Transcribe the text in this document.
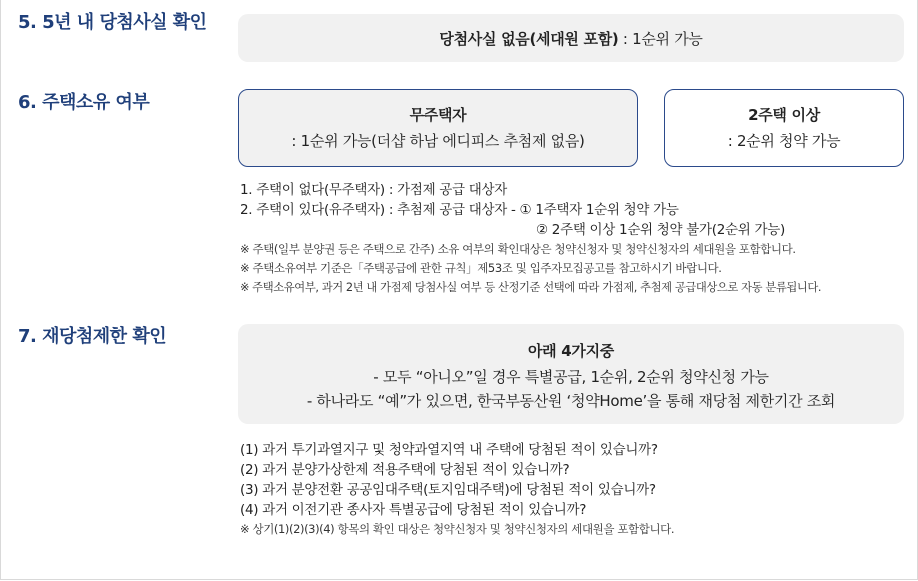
5. 5년 내 당첨사실 확인
당첨사실 없음(세대원 포함) : 1순위 가능
6. 주택소유 여부
무주택자
: 1순위 가능(더샵 하남 에디피스 추첨제 없음)
2주택 이상
: 2순위 청약 가능
1. 주택이 없다(무주택자) : 가점제 공급 대상자
2. 주택이 있다(유주택자) : 추첨제 공급 대상자 - ① 1주택자 1순위 청약 가능
② 2주택 이상 1순위 청약 불가(2순위 가능)
※ 주택(일부 분양권 등은 주택으로 간주) 소유 여부의 확인대상은 청약신청자 및 청약신청자의 세대원을 포함합니다.
※ 주택소유여부 기준은「주택공급에 관한 규칙」제53조 및 입주자모집공고를 참고하시기 바랍니다.
※ 주택소유여부, 과거 2년 내 가점제 당첨사실 여부 등 산정기준 선택에 따라 가점제, 추첨제 공급대상으로 자동 분류됩니다.
7. 재당첨제한 확인
아래 4가지중
- 모두 “아니오”일 경우 특별공급, 1순위, 2순위 청약신청 가능
- 하나라도 “예”가 있으면, 한국부동산원 ‘청약Home’을 통해 재당첨 제한기간 조회
(1) 과거 투기과열지구 및 청약과열지역 내 주택에 당첨된 적이 있습니까?
(2) 과거 분양가상한제 적용주택에 당첨된 적이 있습니까?
(3) 과거 분양전환 공공임대주택(토지임대주택)에 당첨된 적이 있습니까?
(4) 과거 이전기관 종사자 특별공급에 당첨된 적이 있습니까?
※ 상기(1)(2)(3)(4) 항목의 확인 대상은 청약신청자 및 청약신청자의 세대원을 포함합니다.
